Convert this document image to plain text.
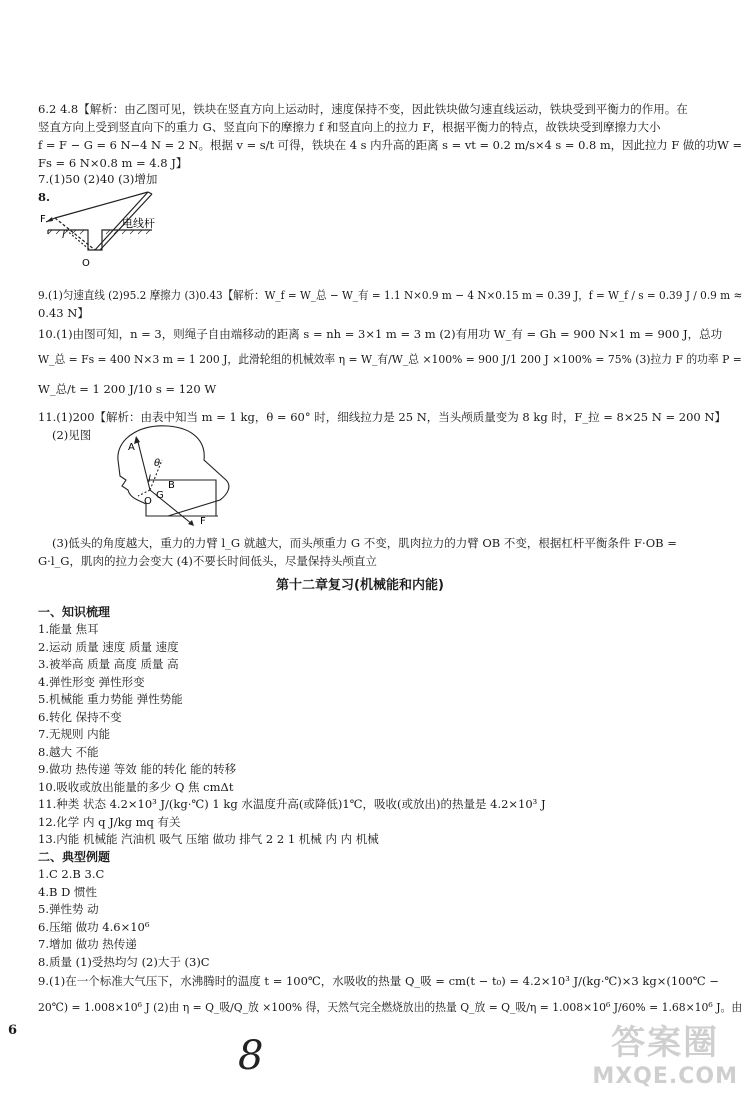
6.2 4.8【解析：由乙图可见，铁块在竖直方向上运动时，速度保持不变，因此铁块做匀速直线运动，铁块受到平衡力的作用。在
竖直方向上受到竖直向下的重力 G、竖直向下的摩擦力 f 和竖直向上的拉力 F，根据平衡力的特点，故铁块受到摩擦力大小
f = F − G = 6 N−4 N = 2 N。根据 v = s/t 可得，铁块在 4 s 内升高的距离 s = vt = 0.2 m/s×4 s = 0.8 m，因此拉力 F 做的功W =
Fs = 6 N×0.8 m = 4.8 J】
7.(1)50 (2)40 (3)增加
8.
F
l
O
电线杆
9.(1)匀速直线 (2)95.2 摩擦力 (3)0.43【解析：W_f = W_总 − W_有 = 1.1 N×0.9 m − 4 N×0.15 m = 0.39 J，f = W_f / s = 0.39 J / 0.9 m ≈
0.43 N】
10.(1)由图可知，n = 3，则绳子自由端移动的距离 s = nh = 3×1 m = 3 m (2)有用功 W_有 = Gh = 900 N×1 m = 900 J，总功
W_总 = Fs = 400 N×3 m = 1 200 J，此滑轮组的机械效率 η = W_有/W_总 ×100% = 900 J/1 200 J ×100% = 75% (3)拉力 F 的功率 P =
W_总/t = 1 200 J/10 s = 120 W
11.(1)200【解析：由表中知当 m = 1 kg，θ = 60° 时，细线拉力是 25 N，当头颅质量变为 8 kg 时，F_拉 = 8×25 N = 200 N】
(2)见图
A
θ
l
G
B
O
F
(3)低头的角度越大，重力的力臂 l_G 就越大，而头颅重力 G 不变，肌肉拉力的力臂 OB 不变，根据杠杆平衡条件 F·OB =
G·l_G，肌肉的拉力会变大 (4)不要长时间低头，尽量保持头颅直立
第十二章复习(机械能和内能)
一、知识梳理
1.能量 焦耳
2.运动 质量 速度 质量 速度
3.被举高 质量 高度 质量 高
4.弹性形变 弹性形变
5.机械能 重力势能 弹性势能
6.转化 保持不变
7.无规则 内能
8.越大 不能
9.做功 热传递 等效 能的转化 能的转移
10.吸收或放出能量的多少 Q 焦 cmΔt
11.种类 状态 4.2×10³ J/(kg·℃) 1 kg 水温度升高(或降低)1℃，吸收(或放出)的热量是 4.2×10³ J
12.化学 内 q J/kg mq 有关
13.内能 机械能 汽油机 吸气 压缩 做功 排气 2 2 1 机械 内 内 机械
二、典型例题
1.C 2.B 3.C
4.B D 惯性
5.弹性势 动
6.压缩 做功 4.6×10⁶
7.增加 做功 热传递
8.质量 (1)受热均匀 (2)大于 (3)C
9.(1)在一个标准大气压下，水沸腾时的温度 t = 100℃，水吸收的热量 Q_吸 = cm(t − t₀) = 4.2×10³ J/(kg·℃)×3 kg×(100℃ −
20℃) = 1.008×10⁶ J (2)由 η = Q_吸/Q_放 ×100% 得，天然气完全燃烧放出的热量 Q_放 = Q_吸/η = 1.008×10⁶ J/60% = 1.68×10⁶ J。由
6
8	答案圈
MXQE.COM
